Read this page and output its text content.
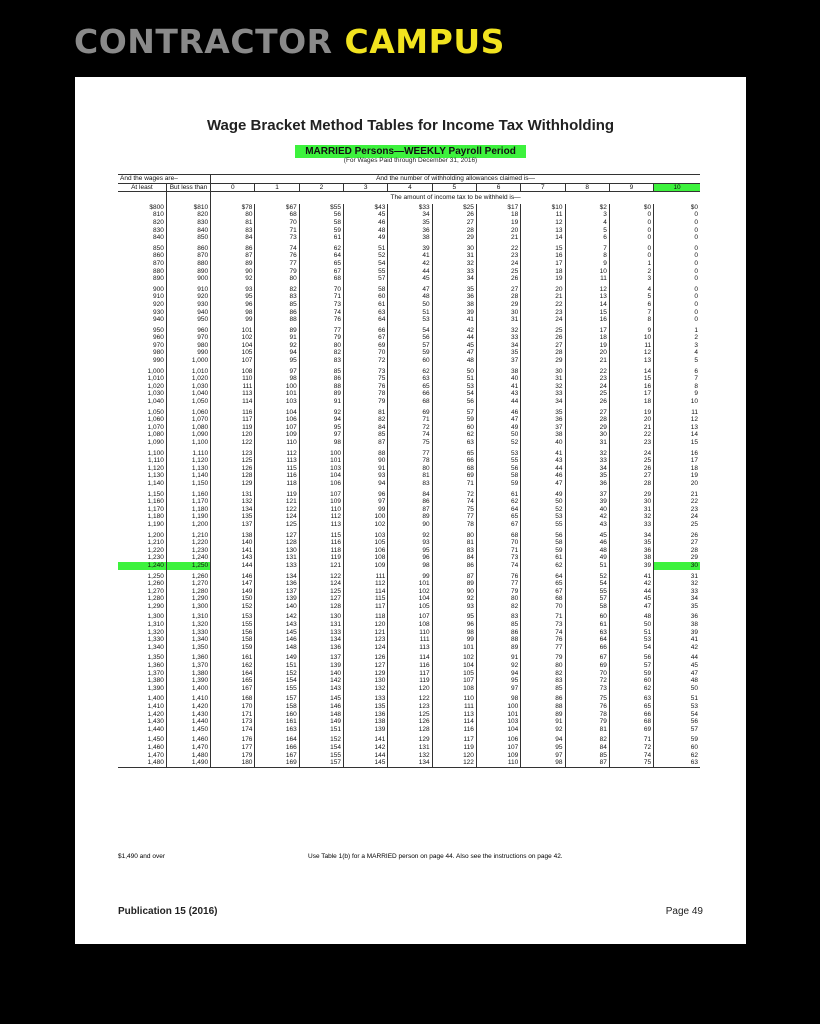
CONTRACTOR CAMPUS
Wage Bracket Method Tables for Income Tax Withholding
MARRIED Persons—WEEKLY Payroll Period
(For Wages Paid through December 31, 2016)
And the wages are–		And the number of withholding allowances claimed is—										
At least	But less than	0	1	2	3	4	5	6	7	8	9	10
		The amount of income tax to be withheld is—										
$800	$810	$78	$67	$55	$43	$33	$25	$17	$10	$2	$0	$0
810	820	80	68	56	45	34	26	18	11	3	0	0
820	830	81	70	58	46	35	27	19	12	4	0	0
830	840	83	71	59	48	36	28	20	13	5	0	0
840	850	84	73	61	49	38	29	21	14	6	0	0
850	860	86	74	62	51	39	30	22	15	7	0	0
860	870	87	76	64	52	41	31	23	16	8	0	0
870	880	89	77	65	54	42	32	24	17	9	1	0
880	890	90	79	67	55	44	33	25	18	10	2	0
890	900	92	80	68	57	45	34	26	19	11	3	0
900	910	93	82	70	58	47	35	27	20	12	4	0
910	920	95	83	71	60	48	36	28	21	13	5	0
920	930	96	85	73	61	50	38	29	22	14	6	0
930	940	98	86	74	63	51	39	30	23	15	7	0
940	950	99	88	76	64	53	41	31	24	16	8	0
950	960	101	89	77	66	54	42	32	25	17	9	1
960	970	102	91	79	67	56	44	33	26	18	10	2
970	980	104	92	80	69	57	45	34	27	19	11	3
980	990	105	94	82	70	59	47	35	28	20	12	4
990	1,000	107	95	83	72	60	48	37	29	21	13	5
1,000	1,010	108	97	85	73	62	50	38	30	22	14	6
1,010	1,020	110	98	86	75	63	51	40	31	23	15	7
1,020	1,030	111	100	88	76	65	53	41	32	24	16	8
1,030	1,040	113	101	89	78	66	54	43	33	25	17	9
1,040	1,050	114	103	91	79	68	56	44	34	26	18	10
1,050	1,060	116	104	92	81	69	57	46	35	27	19	11
1,060	1,070	117	106	94	82	71	59	47	36	28	20	12
1,070	1,080	119	107	95	84	72	60	49	37	29	21	13
1,080	1,090	120	109	97	85	74	62	50	38	30	22	14
1,090	1,100	122	110	98	87	75	63	52	40	31	23	15
1,100	1,110	123	112	100	88	77	65	53	41	32	24	16
1,110	1,120	125	113	101	90	78	66	55	43	33	25	17
1,120	1,130	126	115	103	91	80	68	56	44	34	26	18
1,130	1,140	128	116	104	93	81	69	58	46	35	27	19
1,140	1,150	129	118	106	94	83	71	59	47	36	28	20
1,150	1,160	131	119	107	96	84	72	61	49	37	29	21
1,160	1,170	132	121	109	97	86	74	62	50	39	30	22
1,170	1,180	134	122	110	99	87	75	64	52	40	31	23
1,180	1,190	135	124	112	100	89	77	65	53	42	32	24
1,190	1,200	137	125	113	102	90	78	67	55	43	33	25
1,200	1,210	138	127	115	103	92	80	68	56	45	34	26
1,210	1,220	140	128	116	105	93	81	70	58	46	35	27
1,220	1,230	141	130	118	106	95	83	71	59	48	36	28
1,230	1,240	143	131	119	108	96	84	73	61	49	38	29
1,240	1,250	144	133	121	109	98	86	74	62	51	39	30
1,250	1,260	146	134	122	111	99	87	76	64	52	41	31
1,260	1,270	147	136	124	112	101	89	77	65	54	42	32
1,270	1,280	149	137	125	114	102	90	79	67	55	44	33
1,280	1,290	150	139	127	115	104	92	80	68	57	45	34
1,290	1,300	152	140	128	117	105	93	82	70	58	47	35
1,300	1,310	153	142	130	118	107	95	83	71	60	48	36
1,310	1,320	155	143	131	120	108	96	85	73	61	50	38
1,320	1,330	156	145	133	121	110	98	86	74	63	51	39
1,330	1,340	158	146	134	123	111	99	88	76	64	53	41
1,340	1,350	159	148	136	124	113	101	89	77	66	54	42
1,350	1,360	161	149	137	126	114	102	91	79	67	56	44
1,360	1,370	162	151	139	127	116	104	92	80	69	57	45
1,370	1,380	164	152	140	129	117	105	94	82	70	59	47
1,380	1,390	165	154	142	130	119	107	95	83	72	60	48
1,390	1,400	167	155	143	132	120	108	97	85	73	62	50
1,400	1,410	168	157	145	133	122	110	98	86	75	63	51
1,410	1,420	170	158	146	135	123	111	100	88	76	65	53
1,420	1,430	171	160	148	136	125	113	101	89	78	66	54
1,430	1,440	173	161	149	138	126	114	103	91	79	68	56
1,440	1,450	174	163	151	139	128	116	104	92	81	69	57
1,450	1,460	176	164	152	141	129	117	106	94	82	71	59
1,460	1,470	177	166	154	142	131	119	107	95	84	72	60
1,470	1,480	179	167	155	144	132	120	109	97	85	74	62
1,480	1,490	180	169	157	145	134	122	110	98	87	75	63
$1,490 and over	Use Table 1(b) for a MARRIED person on page 44. Also see the instructions on page 42.
Publication 15 (2016)	Page 49
